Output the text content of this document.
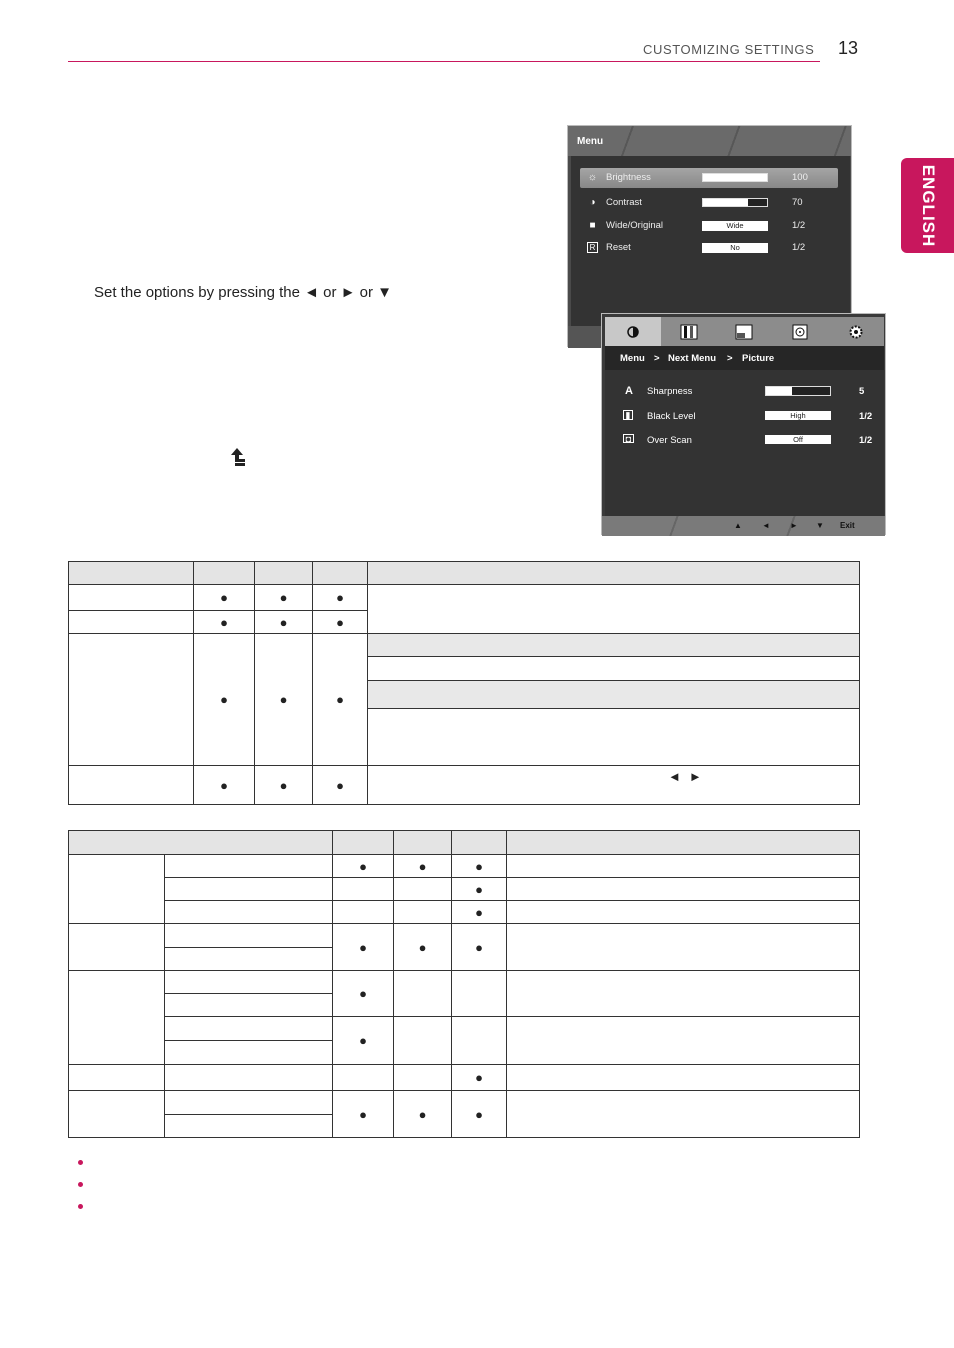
CUSTOMIZING SETTINGS 13
ENGLISH
Set the options by pressing the ◄ or ► or ▼
Menu
☼ Brightness	100
◑ Contrast	70
■ Wide/Original	Wide	1/2
R Reset	No	1/2
Menu > Next Menu > Picture
A Sharpness	5
▮ Black Level	High	1/2
◘ Over Scan	Off	1/2
▲	◄	► ▼ Exit

	●	●	●	
	●	●	●	
	●	●	●	

	●	●	●	◄►

		●	●	●	
				●	
				●	
		●	●	●	

		●			

		●			

				●	
		●	●	●	
